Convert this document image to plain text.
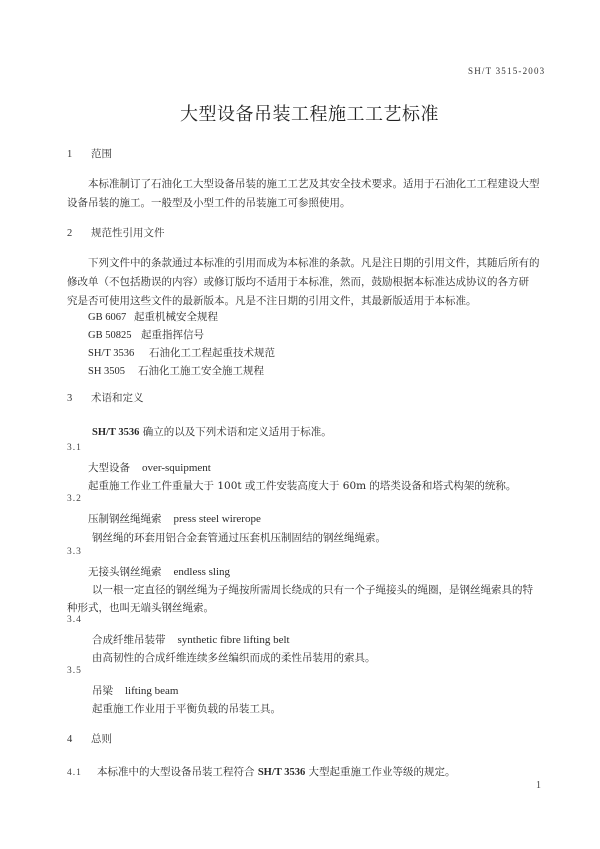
SH/T 3515-2003
大型设备吊装工程施工工艺标准
1 范围
本标准制订了石油化工大型设备吊装的施工工艺及其安全技术要求。适用于石油化工工程建设大型
设备吊装的施工。一般型及小型工件的吊装施工可参照使用。
2 规范性引用文件
下列文件中的条款通过本标准的引用而成为本标准的条款。凡是注日期的引用文件，其随后所有的
修改单（不包括勘误的内容）或修订版均不适用于本标准，然而，鼓励根据本标准达成协议的各方研
究是否可使用这些文件的最新版本。凡是不注日期的引用文件，其最新版适用于本标准。
GB 6067 起重机械安全规程
GB 50825 起重指挥信号
SH/T 3536 石油化工工程起重技术规范
SH 3505 石油化工施工安全施工规程
3 术语和定义
SH/T 3536 确立的以及下列术语和定义适用于标准。
3.1
大型设备 over-squipment
起重施工作业工件重量大于 100t 或工件安装高度大于 60m 的塔类设备和塔式构架的统称。
3.2
压制钢丝绳绳索 press steel wirerope
钢丝绳的环套用铝合金套管通过压套机压制固结的钢丝绳绳索。
3.3
无接头钢丝绳索 endless sling
以一根一定直径的钢丝绳为子绳按所需周长绕成的只有一个子绳接头的绳圈，是钢丝绳索具的特
种形式，也叫无端头钢丝绳索。
3.4
合成纤维吊装带 synthetic fibre lifting belt
由高韧性的合成纤维连续多丝编织而成的柔性吊装用的索具。
3.5
吊梁 lifting beam
起重施工作业用于平衡负载的吊装工具。
4 总则
4.1 本标准中的大型设备吊装工程符合 SH/T 3536 大型起重施工作业等级的规定。
1
